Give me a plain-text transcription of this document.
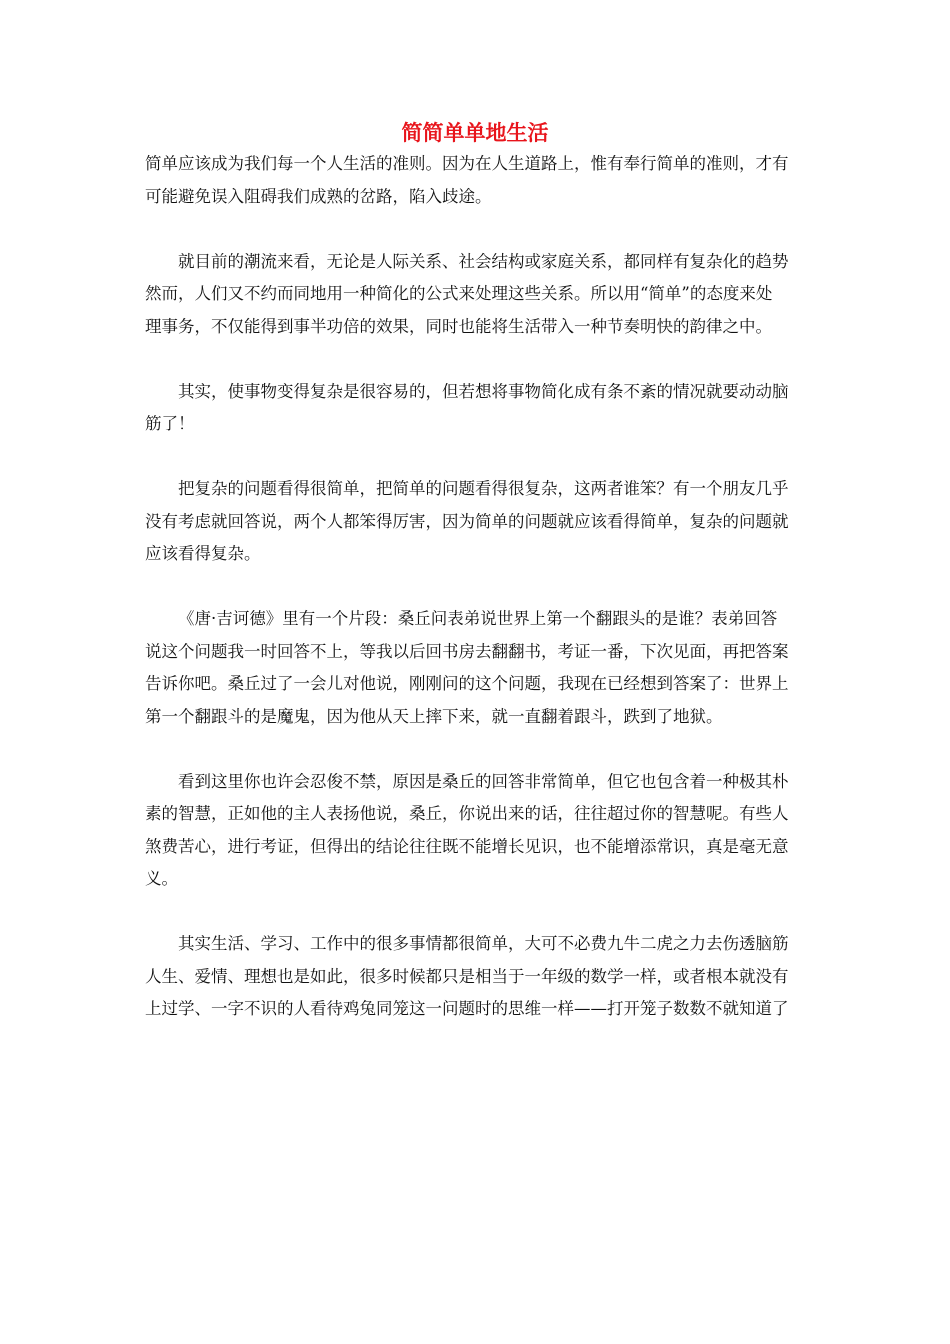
简简单单地生活
简单应该成为我们每一个人生活的准则。因为在人生道路上，惟有奉行简单的准则，才有
可能避免误入阻碍我们成熟的岔路，陷入歧途。
就目前的潮流来看，无论是人际关系、社会结构或家庭关系，都同样有复杂化的趋势
然而，人们又不约而同地用一种简化的公式来处理这些关系。所以用“简单”的态度来处
理事务，不仅能得到事半功倍的效果，同时也能将生活带入一种节奏明快的韵律之中。
其实，使事物变得复杂是很容易的，但若想将事物简化成有条不紊的情况就要动动脑
筋了！
把复杂的问题看得很简单，把简单的问题看得很复杂，这两者谁笨？有一个朋友几乎
没有考虑就回答说，两个人都笨得厉害，因为简单的问题就应该看得简单，复杂的问题就
应该看得复杂。
《唐·吉诃德》里有一个片段：桑丘问表弟说世界上第一个翻跟头的是谁？表弟回答
说这个问题我一时回答不上，等我以后回书房去翻翻书，考证一番，下次见面，再把答案
告诉你吧。桑丘过了一会儿对他说，刚刚问的这个问题，我现在已经想到答案了：世界上
第一个翻跟斗的是魔鬼，因为他从天上摔下来，就一直翻着跟斗，跌到了地狱。
看到这里你也许会忍俊不禁，原因是桑丘的回答非常简单，但它也包含着一种极其朴
素的智慧，正如他的主人表扬他说，桑丘，你说出来的话，往往超过你的智慧呢。有些人
煞费苦心，进行考证，但得出的结论往往既不能增长见识，也不能增添常识，真是毫无意
义。
其实生活、学习、工作中的很多事情都很简单，大可不必费九牛二虎之力去伤透脑筋
人生、爱情、理想也是如此，很多时候都只是相当于一年级的数学一样，或者根本就没有
上过学、一字不识的人看待鸡兔同笼这一问题时的思维一样——打开笼子数数不就知道了
